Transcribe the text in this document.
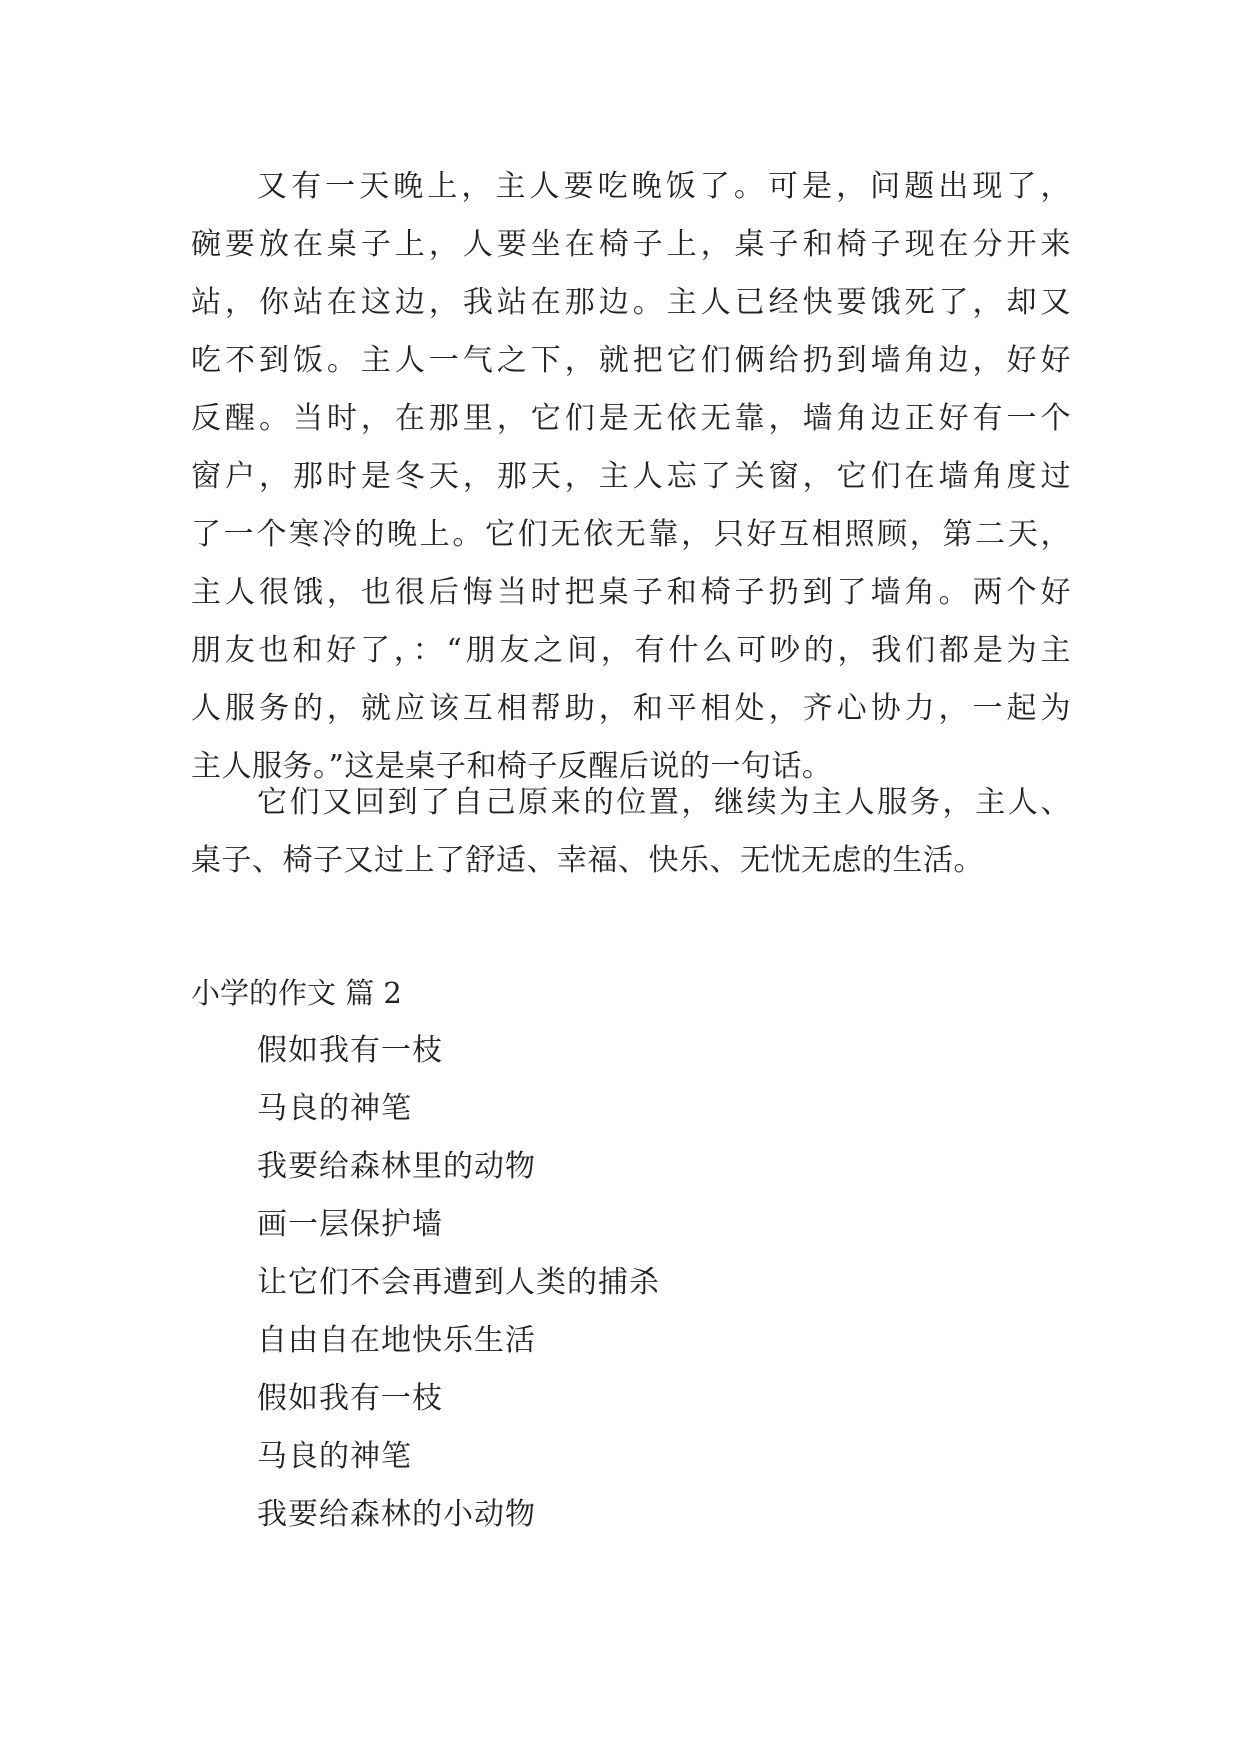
又有一天晚上，主人要吃晚饭了。可是，问题出现了，
碗要放在桌子上，人要坐在椅子上，桌子和椅子现在分开来
站，你站在这边，我站在那边。主人已经快要饿死了，却又
吃不到饭。主人一气之下，就把它们俩给扔到墙角边，好好
反醒。当时，在那里，它们是无依无靠，墙角边正好有一个
窗户，那时是冬天，那天，主人忘了关窗，它们在墙角度过
了一个寒冷的晚上。它们无依无靠，只好互相照顾，第二天，
主人很饿，也很后悔当时把桌子和椅子扔到了墙角。两个好
朋友也和好了，：“朋友之间，有什么可吵的，我们都是为主
人服务的，就应该互相帮助，和平相处，齐心协力，一起为
主人服务。”这是桌子和椅子反醒后说的一句话。
它们又回到了自己原来的位置，继续为主人服务，主人、
桌子、椅子又过上了舒适、幸福、快乐、无忧无虑的生活。
小学的作文 篇 2
假如我有一枝
马良的神笔
我要给森林里的动物
画一层保护墙
让它们不会再遭到人类的捕杀
自由自在地快乐生活
假如我有一枝
马良的神笔
我要给森林的小动物
